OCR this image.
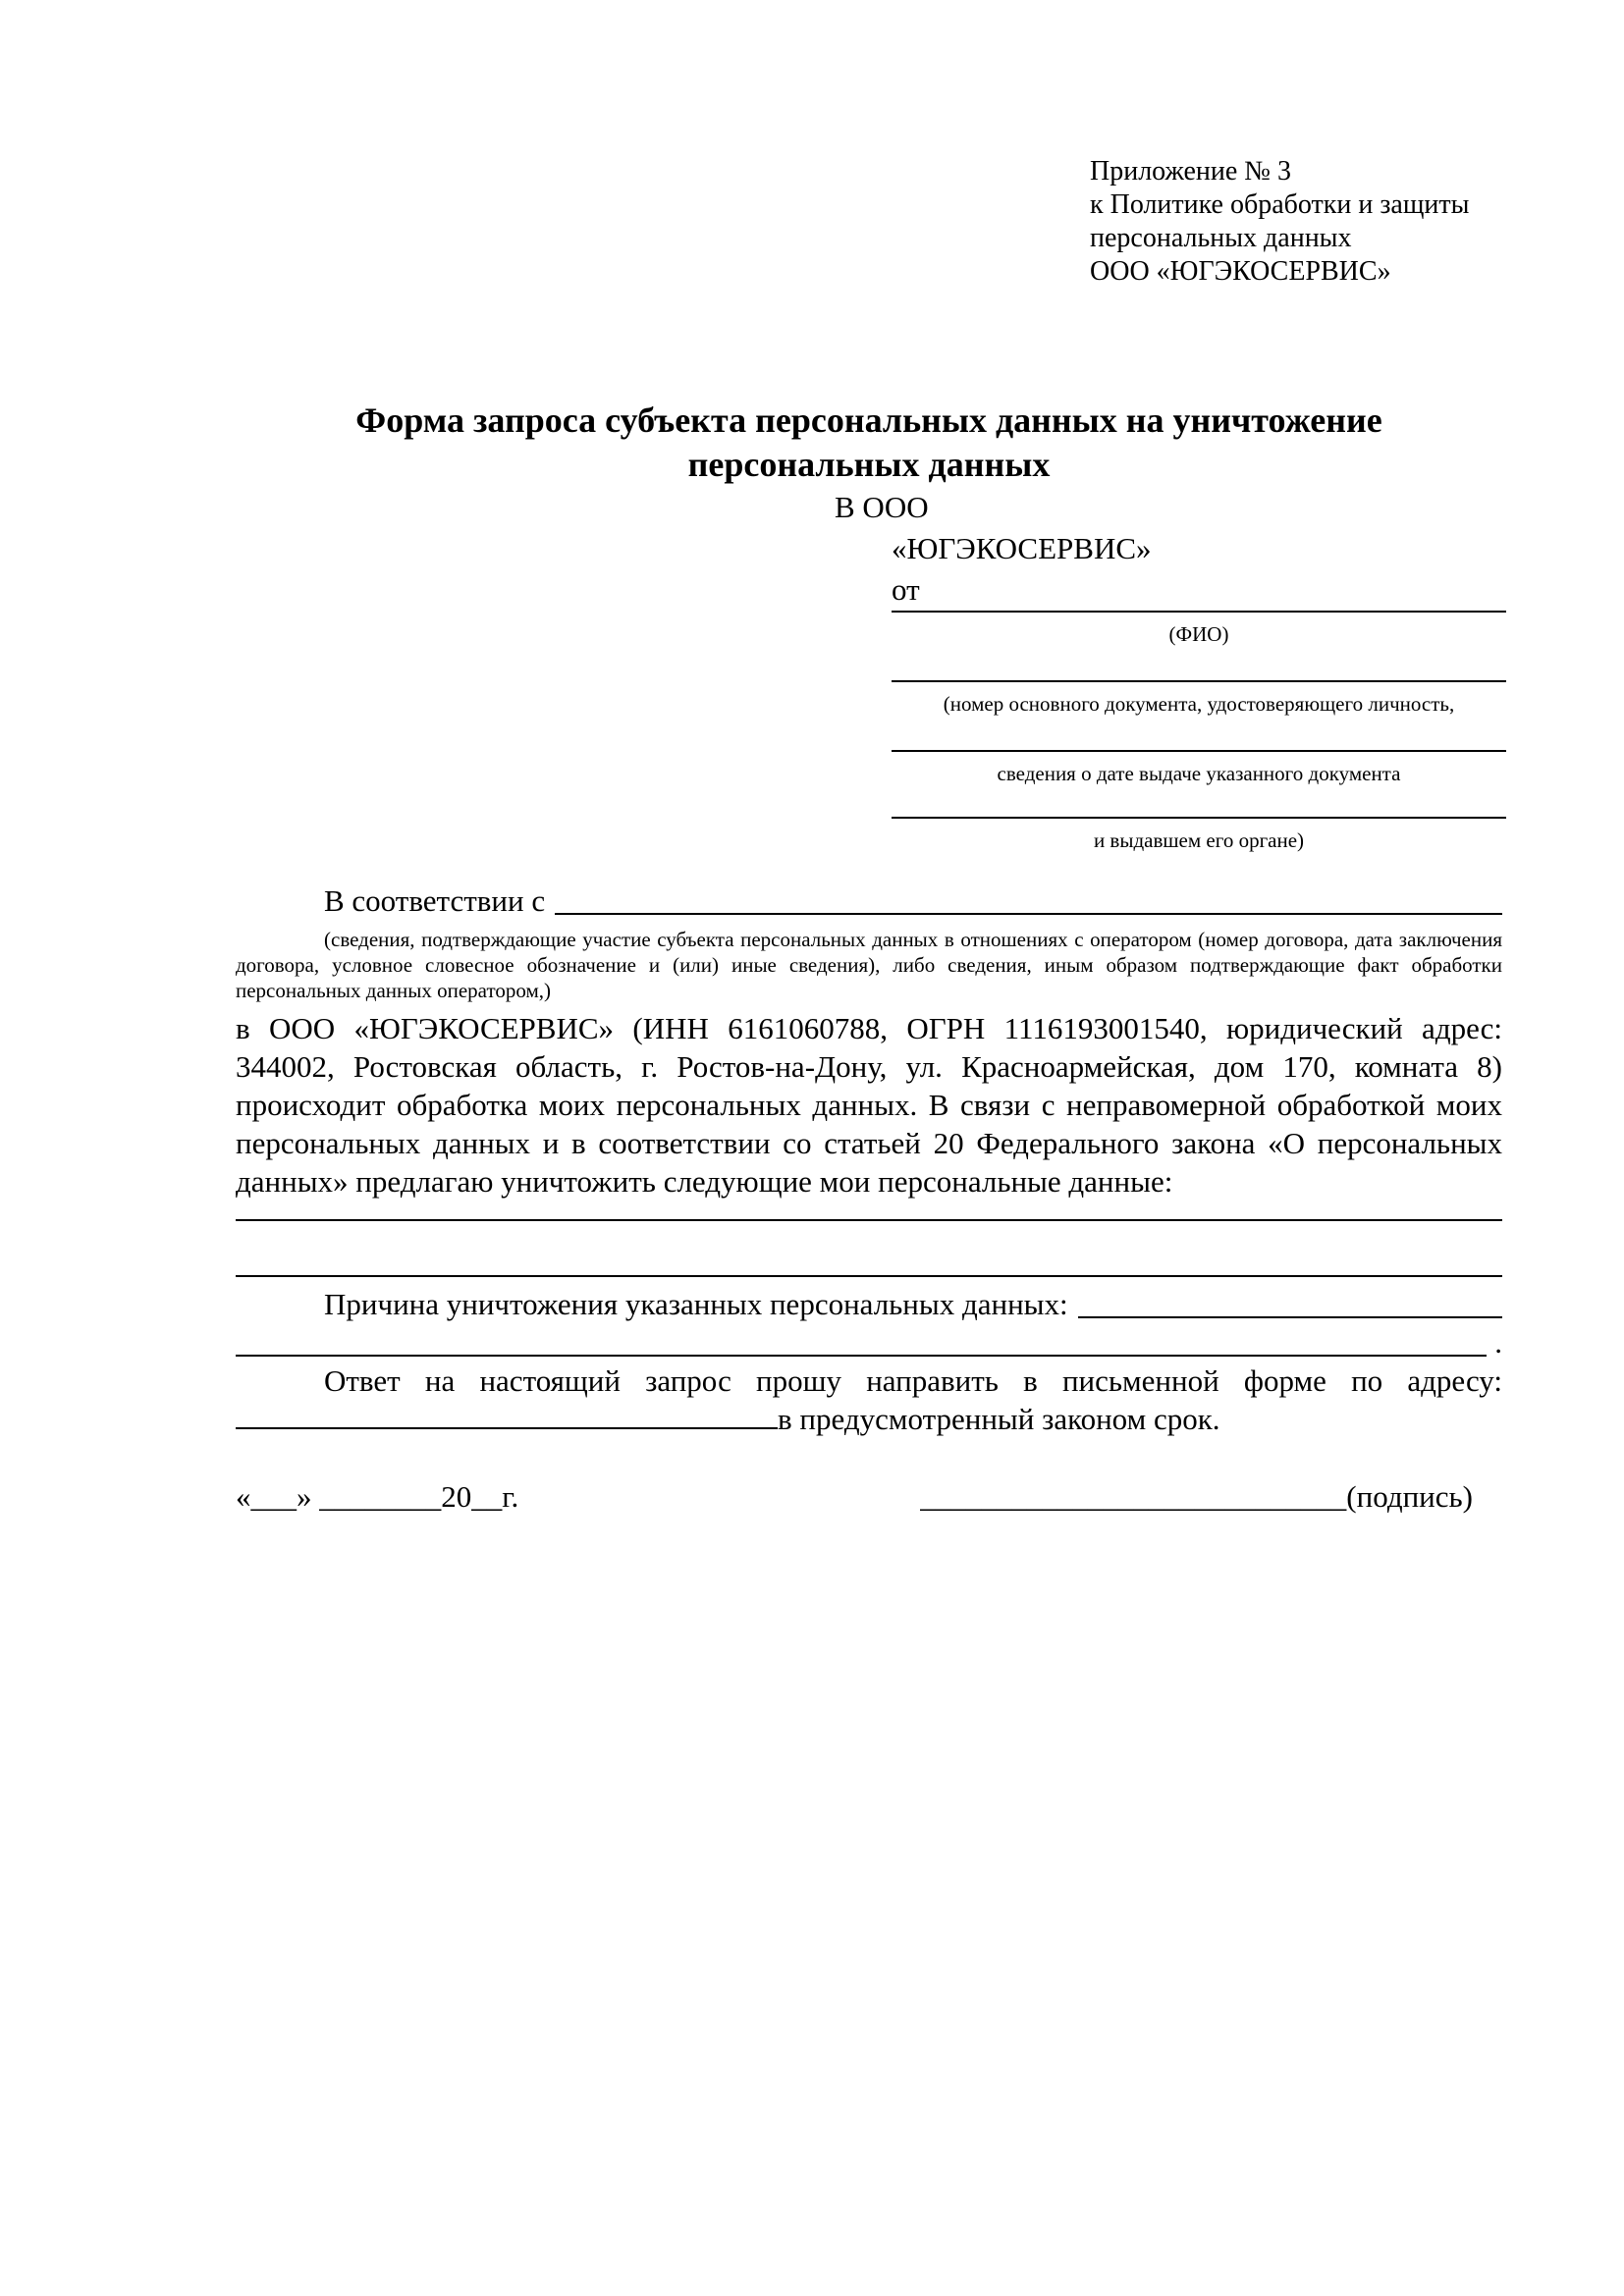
Приложение № 3
к Политике обработки и защиты
персональных данных
ООО «ЮГЭКОСЕРВИС»
Форма запроса субъекта персональных данных на уничтожение
персональных данных
В ООО
«ЮГЭКОСЕРВИС»
от
(ФИО)
(номер основного документа, удостоверяющего личность,
сведения о дате выдаче указанного документа
и выдавшем его органе)
В соответствии с
(сведения, подтверждающие участие субъекта персональных данных в отношениях с оператором (номер договора, дата заключения договора, условное словесное обозначение и (или) иные сведения), либо сведения, иным образом подтверждающие факт обработки персональных данных оператором,)
в ООО «ЮГЭКОСЕРВИС» (ИНН 6161060788, ОГРН 1116193001540, юридический адрес: 344002, Ростовская область, г. Ростов-на-Дону, ул. Красноармейская, дом 170, комната 8) происходит обработка моих персональных данных. В связи с неправомерной обработкой моих персональных данных и в соответствии со статьей 20 Федерального закона «О персональных данных» предлагаю уничтожить следующие мои персональные данные:
Причина уничтожения указанных персональных данных:
.
Ответ на настоящий запрос прошу направить в письменной форме по адресу:
в предусмотренный законом срок.
«___» ________20__г.	____________________________(подпись)
